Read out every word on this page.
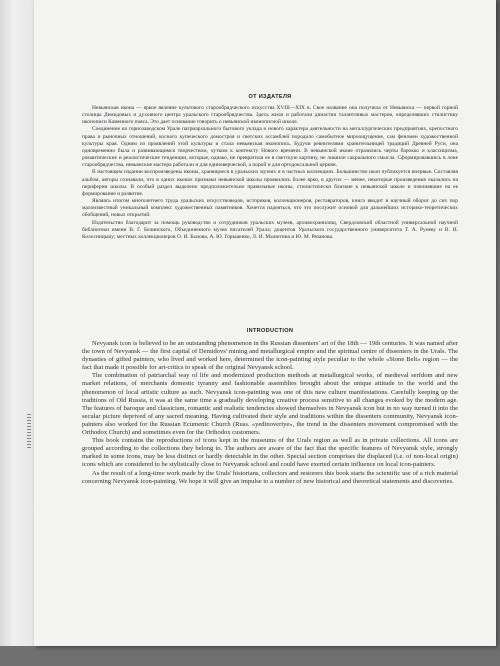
ОТ ИЗДАТЕЛЯ

Невьянская икона — яркое явление культового старообрядческого искусства XVIII—XIX в. Свое название она получила от Невьянска — первой горной столицы Демидовых и духовного центра уральского старообрядчества. Здесь жили и работали династии талантливых мастеров, определявших стилистику иконописи Каменного пояса. Это дает основание говорить о невьянской иконописной школе.

Соединение на горнозаводском Урале патриархального бытового уклада и нового характера деятельности на металлургических предприятиях, крепостного права и рыночных отношений, косного купеческого домостроя и светских ассамблей породило самобытное мироощущение, сам феномен художественной культуры края. Одним из проявлений этой культуры и стала невьянская иконопись. Будучи ревнителями хранительницей традиций Древней Руси, она одновременно была и развивающимся творчеством, чутким к контексту Нового времени. В невьянской иконе отразились черты барокко и классицизма, романтические и реалистические тенденции, которые, однако, не превратили ее в светскую картину, не лишили сакрального смысла. Сформировавшись в лоне старообрядчества, невьянские мастера работали и для единоверческой, а порой и для ортодоксальной церкви.

В настоящем издании воспроизведены иконы, хранящиеся в уральских музеях и в частных коллекциях. Большинство икон публикуется впервые. Составляя альбом, авторы сознавали, что в одних иконах признаки невьянской школы проявились более ярко, в других — менее, некоторые произведения оказались на периферии школы. В особый раздел выделено предположительно правильные иконы, стилистически близкие к невьянской школе и повлиявшие на ее формирование и развитие.

Являясь итогом многолетнего труда уральских искусствоведов, историков, коллекционеров, реставраторов, книга вводит в научный оборот до сих пор малоизвестный уникальный комплекс художественных памятников. Хочется надеяться, что это послужит основой для дальнейших историко-теоретических обобщений, новых открытий.

Издательство благодарит за помощь руководство и сотрудников уральских музеев, архивохранилищ, Свердловской областной универсальной научной библиотеки имени В. Г. Белинского, Объединенного музея писателей Урала; доцентов Уральского государственного университета Т. А. Руневу и В. И. Колосницыну; местных коллекционеров О. И. Бызова, А. Ю. Горьшенко, Л. И. Малютина и Ю. М. Рязанова.

INTRODUCTION

Nevyansk icon is believed to be an outstanding phenomenon in the Russian dissenters' art of the 18th — 19th centuries. It was named after the town of Nevyansk — the first capital of Demidovs' mining and metallurgical empire and the spiritual centre of dissenters in the Urals. The dynasties of gifted painters, who lived and worked here, determined the icon-painting style peculiar to the whole «Stone Belt» region — the fact that made it possible for art-critics to speak of the original Nevyansk school.

The combination of patriarchal way of life and modernized production methods at metallurgical works, of medieval serfdom and new market relations, of merchants domestic tyranny and fashionable assemblies brought about the unique attitude to the world and the phenomenon of local artistic culture as such. Nevyansk icon-painting was one of this new culture manifestations. Carefully keeping up the traditions of Old Russia, it was at the same time a gradually developing creative process sensitive to all changes evoked by the modern age. The features of baroque and classicism, romantic and realistic tendencies showed themselves in Nevyansk icon but in no way turned it into the secular picture deprived of any sacred meaning. Having cultivated their style and traditions within the dissenters community, Nevyansk icon-painters also worked for the Russian Ecumenic Church (Russ. «yedinoveriye», the trend in the dissenters movement compromised with the Orthodox Church) and sometimes even for the Orthodox customers.

This book contains the reproductions of icons kept in the museums of the Urals region as well as in private collections. All icons are grouped according to the collections they belong to. The authors are aware of the fact that the specific features of Nevyansk style, strongly marked in some icons, may be less distinct or hardly detectable in the other. Special section comprises the displaced (i.e. of non-local origin) icons which are considered to be stylistically close to Nevyansk school and could have exerted certain influence on local icon-painters.

As the result of a long-time work made by the Urals' historians, collectors and restorers this book starts the scientific use of a rich material concerning Nevyansk icon-painting. We hope it will give an impulse to a number of new historical and theoretical statements and discoveries.
